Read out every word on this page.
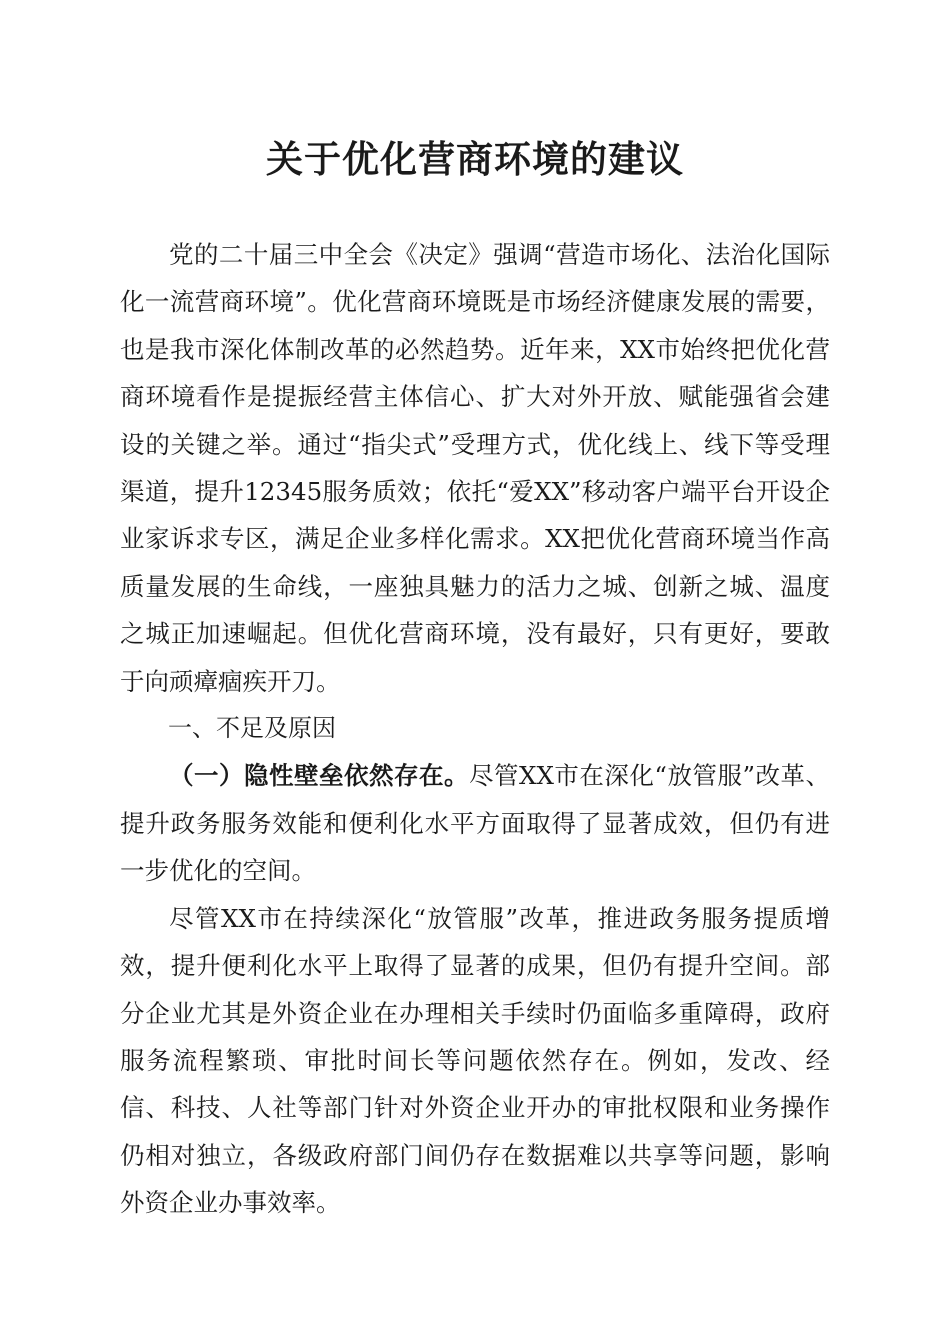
关于优化营商环境的建议

党的二十届三中全会《决定》强调“营造市场化、法治化国际化一流营商环境”。优化营商环境既是市场经济健康发展的需要，也是我市深化体制改革的必然趋势。近年来，XX市始终把优化营商环境看作是提振经营主体信心、扩大对外开放、赋能强省会建设的关键之举。通过“指尖式”受理方式，优化线上、线下等受理渠道，提升12345服务质效；依托“爱XX”移动客户端平台开设企业家诉求专区，满足企业多样化需求。XX把优化营商环境当作高质量发展的生命线，一座独具魅力的活力之城、创新之城、温度之城正加速崛起。但优化营商环境，没有最好，只有更好，要敢于向顽瘴痼疾开刀。

一、不足及原因

（一）隐性壁垒依然存在。尽管XX市在深化“放管服”改革、提升政务服务效能和便利化水平方面取得了显著成效，但仍有进一步优化的空间。

尽管XX市在持续深化“放管服”改革，推进政务服务提质增效，提升便利化水平上取得了显著的成果，但仍有提升空间。部分企业尤其是外资企业在办理相关手续时仍面临多重障碍，政府服务流程繁琐、审批时间长等问题依然存在。例如，发改、经信、科技、人社等部门针对外资企业开办的审批权限和业务操作仍相对独立，各级政府部门间仍存在数据难以共享等问题，影响外资企业办事效率。
